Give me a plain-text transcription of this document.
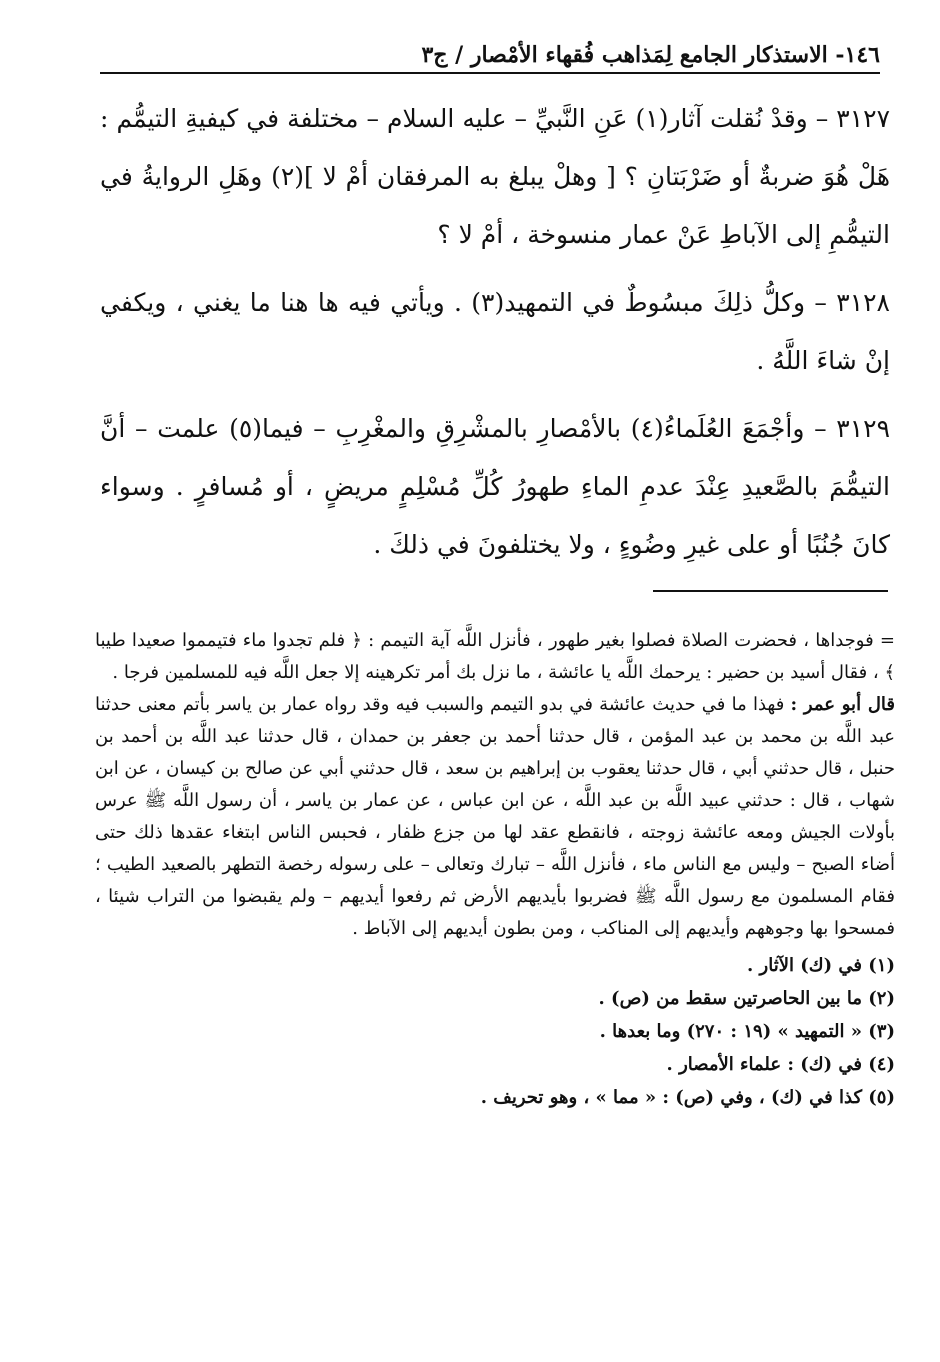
١٤٦- الاستذكار الجامع لِمَذاهب فُقهاء الأمْصار / ج٣

٣١٢٧ – وقدْ نُقلت آثار(١) عَنِ النَّبيِّ – عليه السلام – مختلفة في كيفيةِ التيمُّم : هَلْ هُوَ ضربةٌ أو ضَرْبَتانِ ؟ [ وهلْ يبلغ به المرفقان أمْ لا ](٢) وهَلِ الروايةُ في التيمُّمِ إلى الآباطِ عَنْ عمار منسوخة ، أمْ لا ؟

٣١٢٨ – وكلُّ ذلِكَ مبسُوطٌ في التمهيد(٣) . ويأتي فيه ها هنا ما يغني ، ويكفي إنْ شاءَ اللَّهُ .

٣١٢٩ – وأجْمَعَ العُلَماءُ(٤) بالأمْصارِ بالمشْرِقِ والمغْرِبِ – فيما(٥) علمت – أنَّ التيمُّمَ بالصَّعيدِ عِنْدَ عدمِ الماءِ طهورُ كُلِّ مُسْلِمٍ مريضٍ ، أو مُسافرٍ . وسواء كانَ جُنُبًا أو على غيرِ وضُوءٍ ، ولا يختلفونَ في ذلكَ .

= فوجداها ، فحضرت الصلاة فصلوا بغير طهور ، فأنزل اللَّه آية التيمم : ﴿ فلم تجدوا ماء فتيمموا صعيدا طيبا ﴾ ، فقال أسيد بن حضير : يرحمك اللَّه يا عائشة ، ما نزل بك أمر تكرهينه إلا جعل اللَّه فيه للمسلمين فرجا .

قال أبو عمر : فهذا ما في حديث عائشة في بدو التيمم والسبب فيه وقد رواه عمار بن ياسر بأتم معنى حدثنا عبد اللَّه بن محمد بن عبد المؤمن ، قال حدثنا أحمد بن جعفر بن حمدان ، قال حدثنا عبد اللَّه بن أحمد بن حنبل ، قال حدثني أبي ، قال حدثنا يعقوب بن إبراهيم بن سعد ، قال حدثني أبي عن صالح بن كيسان ، عن ابن شهاب ، قال : حدثني عبيد اللَّه بن عبد اللَّه ، عن ابن عباس ، عن عمار بن ياسر ، أن رسول اللَّه ﷺ عرس بأولات الجيش ومعه عائشة زوجته ، فانقطع عقد لها من جزع ظفار ، فحبس الناس ابتغاء عقدها ذلك حتى أضاء الصبح – وليس مع الناس ماء ، فأنزل اللَّه – تبارك وتعالى – على رسوله رخصة التطهر بالصعيد الطيب ؛ فقام المسلمون مع رسول اللَّه ﷺ فضربوا بأيديهم الأرض ثم رفعوا أيديهم – ولم يقبضوا من التراب شيئا ، فمسحوا بها وجوههم وأيديهم إلى المناكب ، ومن بطون أيديهم إلى الآباط .

(١) في (ك) الآثار .
(٢) ما بين الحاصرتين سقط من (ص) .
(٣) « التمهيد » (١٩ : ٢٧٠) وما بعدها .
(٤) في (ك) : علماء الأمصار .
(٥) كذا في (ك) ، وفي (ص) : « مما » ، وهو تحريف .
